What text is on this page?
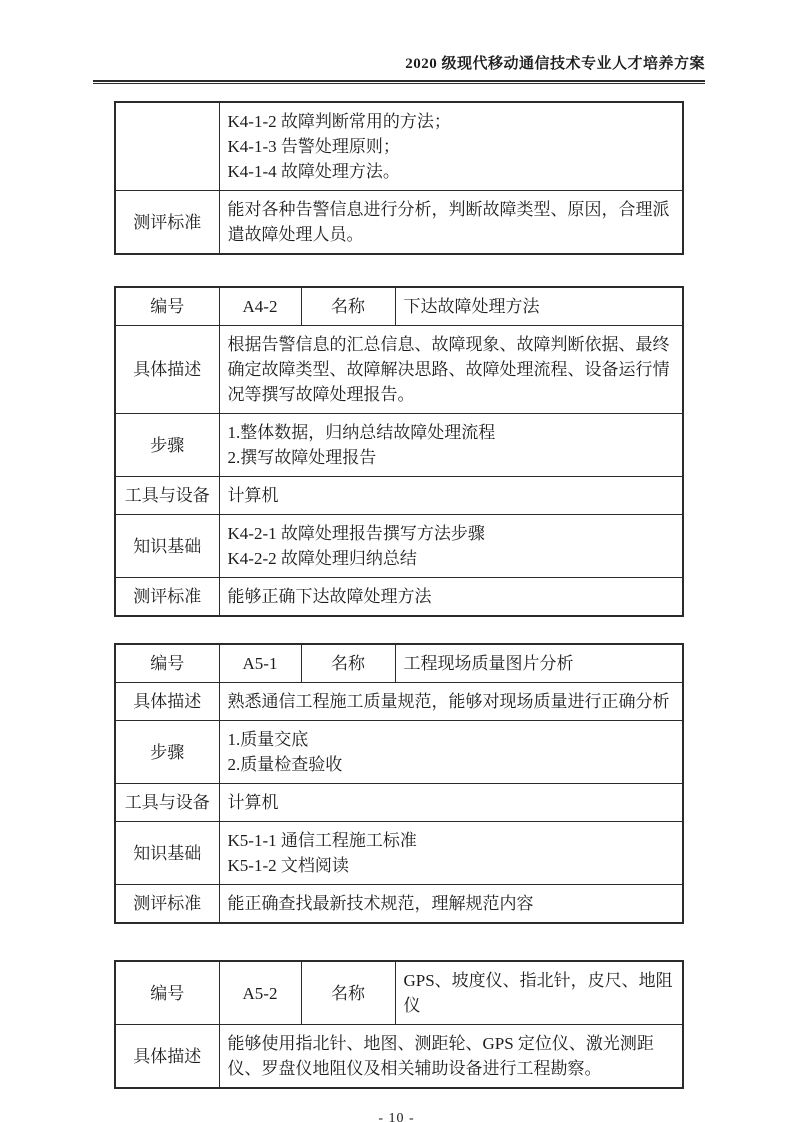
2020 级现代移动通信技术专业人才培养方案

	K4-1-2 故障判断常用的方法；
K4-1-3 告警处理原则；
K4-1-4 故障处理方法。

测评标准	能对各种告警信息进行分析，判断故障类型、原因，合理派遣故障处理人员。
编号	A4-2	名称	下达故障处理方法
具体描述	根据告警信息的汇总信息、故障现象、故障判断依据、最终确定故障类型、故障解决思路、故障处理流程、设备运行情况等撰写故障处理报告。		
步骤	1.整体数据，归纳总结故障处理流程
2.撰写故障处理报告		

工具与设备	计算机		
知识基础	K4-2-1 故障处理报告撰写方法步骤
K4-2-2 故障处理归纳总结		

测评标准	能够正确下达故障处理方法		
编号	A5-1	名称	工程现场质量图片分析
具体描述	熟悉通信工程施工质量规范，能够对现场质量进行正确分析		
步骤	1.质量交底
2.质量检查验收		

工具与设备	计算机		
知识基础	K5-1-1 通信工程施工标准
K5-1-2 文档阅读		

测评标准	能正确查找最新技术规范，理解规范内容		
编号	A5-2	名称	GPS、坡度仪、指北针，皮尺、地阻仪
具体描述	能够使用指北针、地图、测距轮、GPS 定位仪、激光测距仪、罗盘仪地阻仪及相关辅助设备进行工程勘察。		
- 10 -
